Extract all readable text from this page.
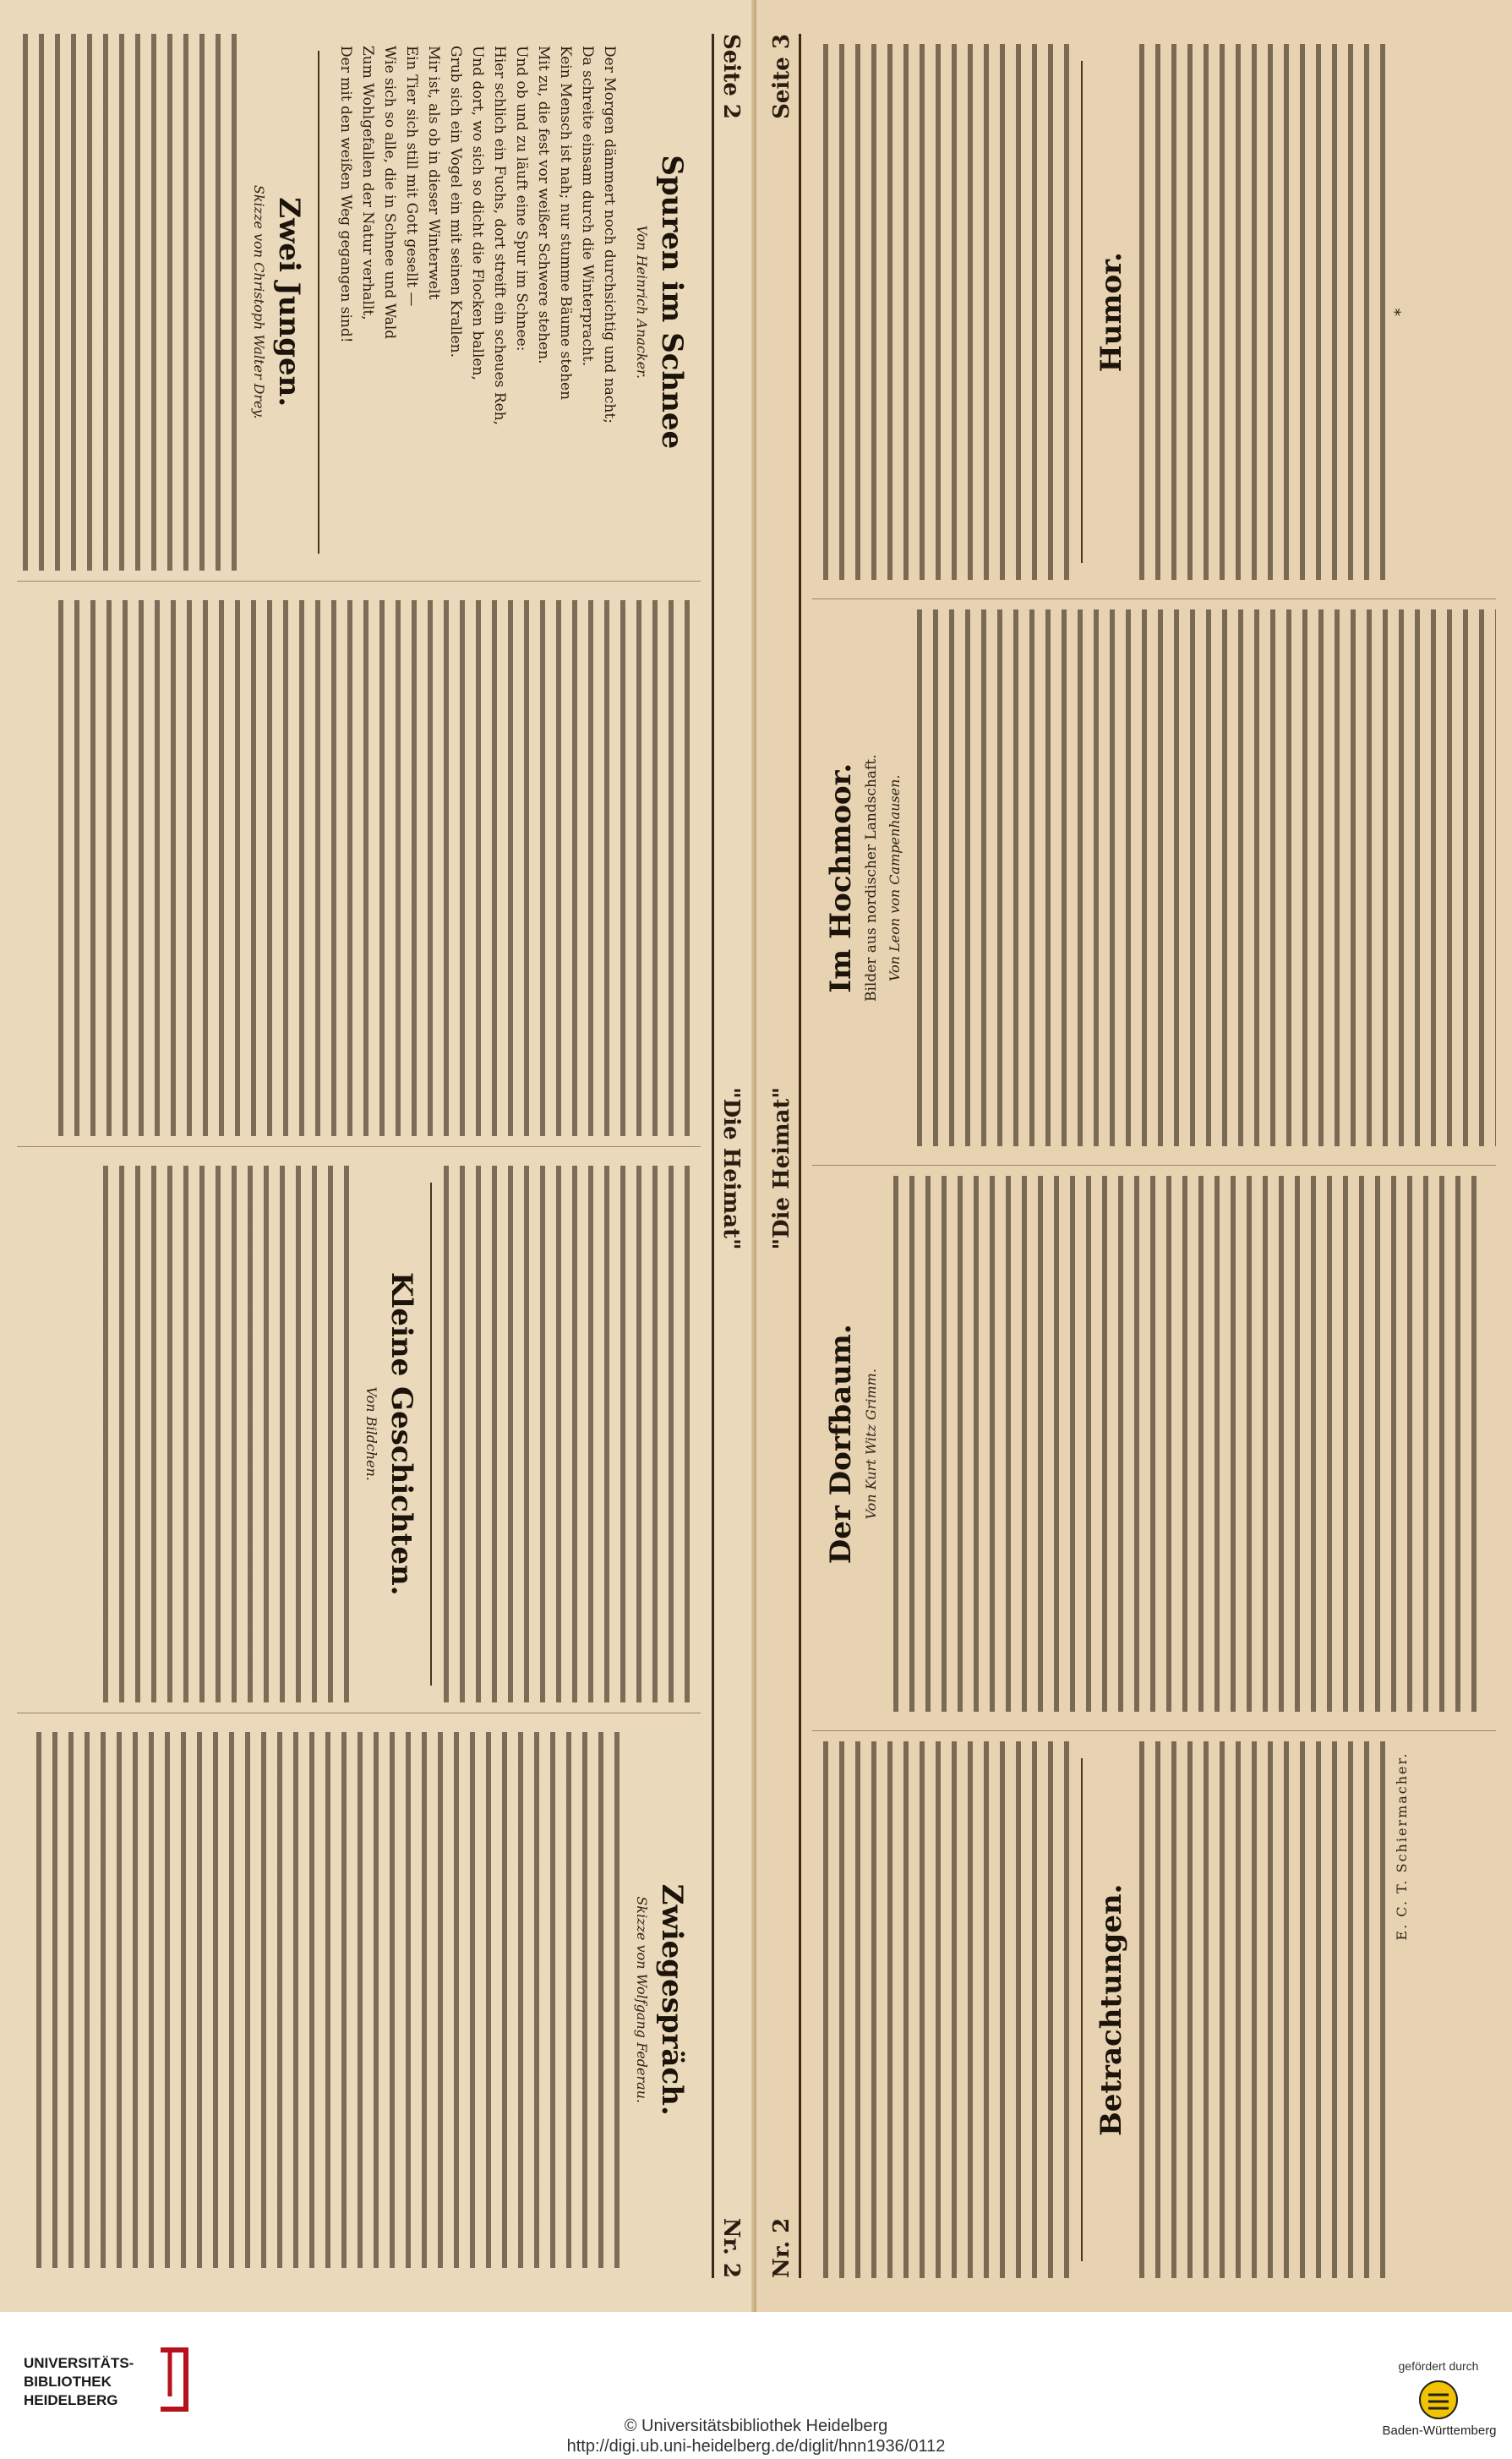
Seite 2
"Die Heimat"
Nr. 2
Spuren im Schnee
Von Heinrich Anacker.
Der Morgen dämmert noch durchsichtig und nacht;
Da schreite einsam durch die Winterpracht.
Kein Mensch ist nah; nur stumme Bäume stehen
Mit zu, die fest vor weißer Schwere stehen.
Und ob und zu läuft eine Spur im Schnee:
Hier schlich ein Fuchs, dort streift ein scheues Reh,
Und dort, wo sich so dicht die Flocken ballen,
Grub sich ein Vogel ein mit seinen Krallen.
Mir ist, als ob in dieser Winterwelt
Ein Tier sich still mit Gott gesellt —
Wie sich so alle, die in Schnee und Wald
Zum Wohlgefallen der Natur verhallt,
Der mit den weißen Weg gegangen sind!
Zwei Jungen.
Skizze von Christoph Walter Drey.
Kleine Geschichten.
Von Bildchen.
Zwiegespräch.
Skizze von Wolfgang Federau.
Nr. 2
"Die Heimat"
Seite 3
Betrachtungen.
E. C. T. Schiermacher.
Der Dorfbaum. Von Kurt Witz Grimm.
Im Hochmoor. Bilder aus nordischer Landschaft. Von Leon von Campenhausen.
Humor.	*
UNIVERSITÄTS-
BIBLIOTHEK
HEIDELBERG
© Universitätsbibliothek Heidelberg
http://digi.ub.uni-heidelberg.de/diglit/hnn1936/0112
gefördert durch
Baden-Württemberg
